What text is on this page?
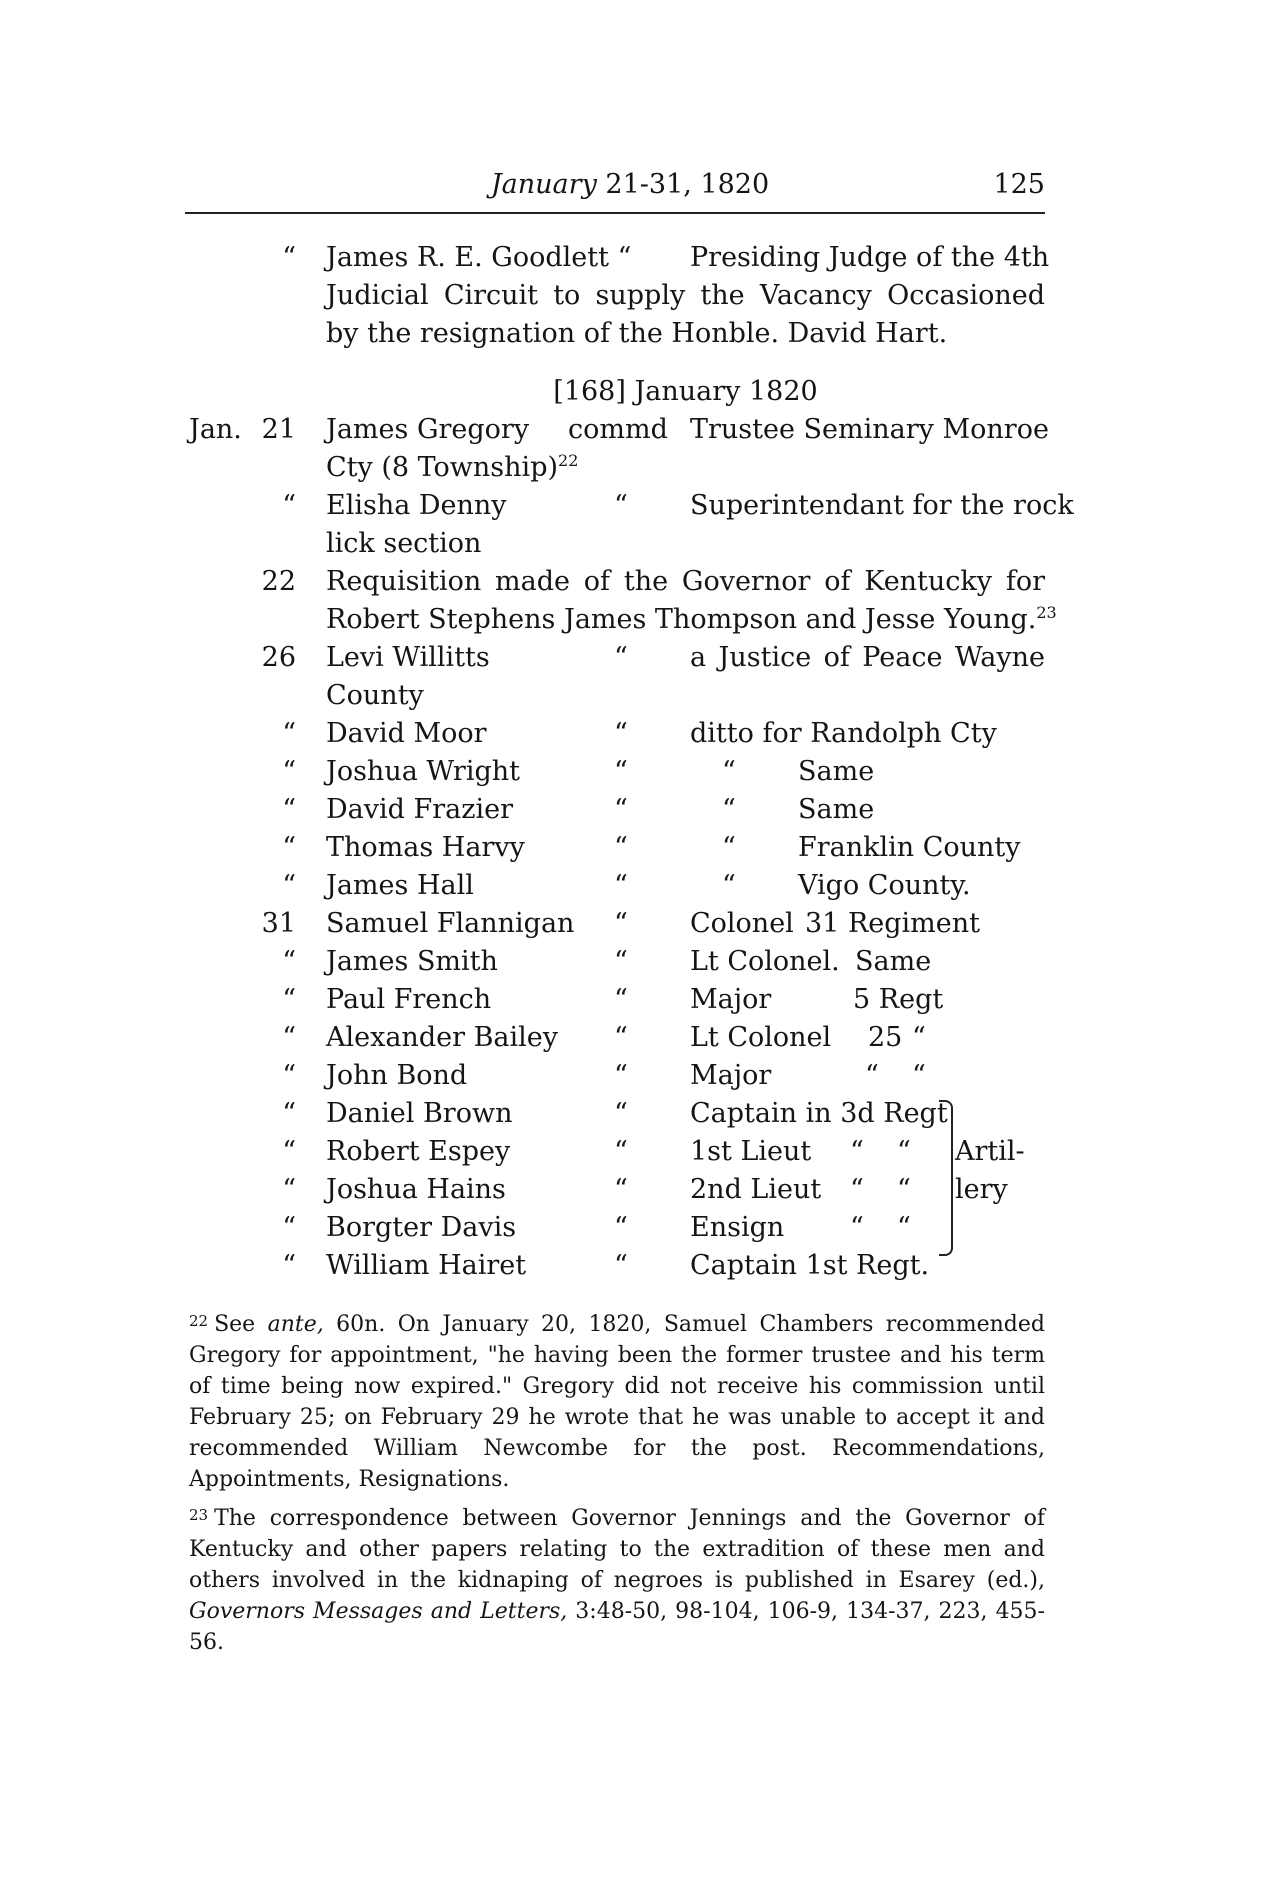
January 21-31, 1820	125
“ James R. E. Goodlett “ Presiding Judge of the 4th
Judicial Circuit to supply the Vacancy Occasioned
by the resignation of the Honble. David Hart.
[168] January 1820
Jan. 21 James Gregory commd Trustee Seminary Monroe
Cty (8 Township)$^{22}$
“ Elisha Denny	“ Superintendant for the rock
lick section
22 Requisition made of the Governor of Kentucky for
Robert Stephens James Thompson and Jesse Young.$^{23}$
26 Levi Willitts	“ a Justice of Peace Wayne
County
“ David Moor	“ ditto for Randolph Cty
“ Joshua Wright	“	“ Same
“ David Frazier	“	“ Same
“ Thomas Harvy	“	“ Franklin County
“ James Hall	“	“ Vigo County.
31 Samuel Flannigan “ Colonel 31 Regiment
“ James Smith	“ Lt Colonel. Same
“ Paul French	“ Major	5 Regt
“ Alexander Bailey “ Lt Colonel 25 “
“ John Bond	“ Major	“ “
“ Daniel Brown	“ Captain in 3d Regt
“ Robert Espey	“ 1st Lieut “ “
“ Joshua Hains	“ 2nd Lieut “ “
“ Borgter Davis	“ Ensign “ “
“ William Hairet	“ Captain 1st Regt.
Artil-
lery

$^{22}$ See ante, 60n. On January 20, 1820, Samuel Chambers recommended Gregory for appointment, "he having been the former trustee and his term of time being now expired." Gregory did not receive his commission until February 25; on February 29 he wrote that he was unable to accept it and recommended William Newcombe for the post. Recommendations, Appointments, Resignations.

$^{23}$ The correspondence between Governor Jennings and the Governor of Kentucky and other papers relating to the extradition of these men and others involved in the kidnaping of negroes is published in Esarey (ed.), Governors Messages and Letters, 3:48-50, 98-104, 106-9, 134-37, 223, 455-56.
